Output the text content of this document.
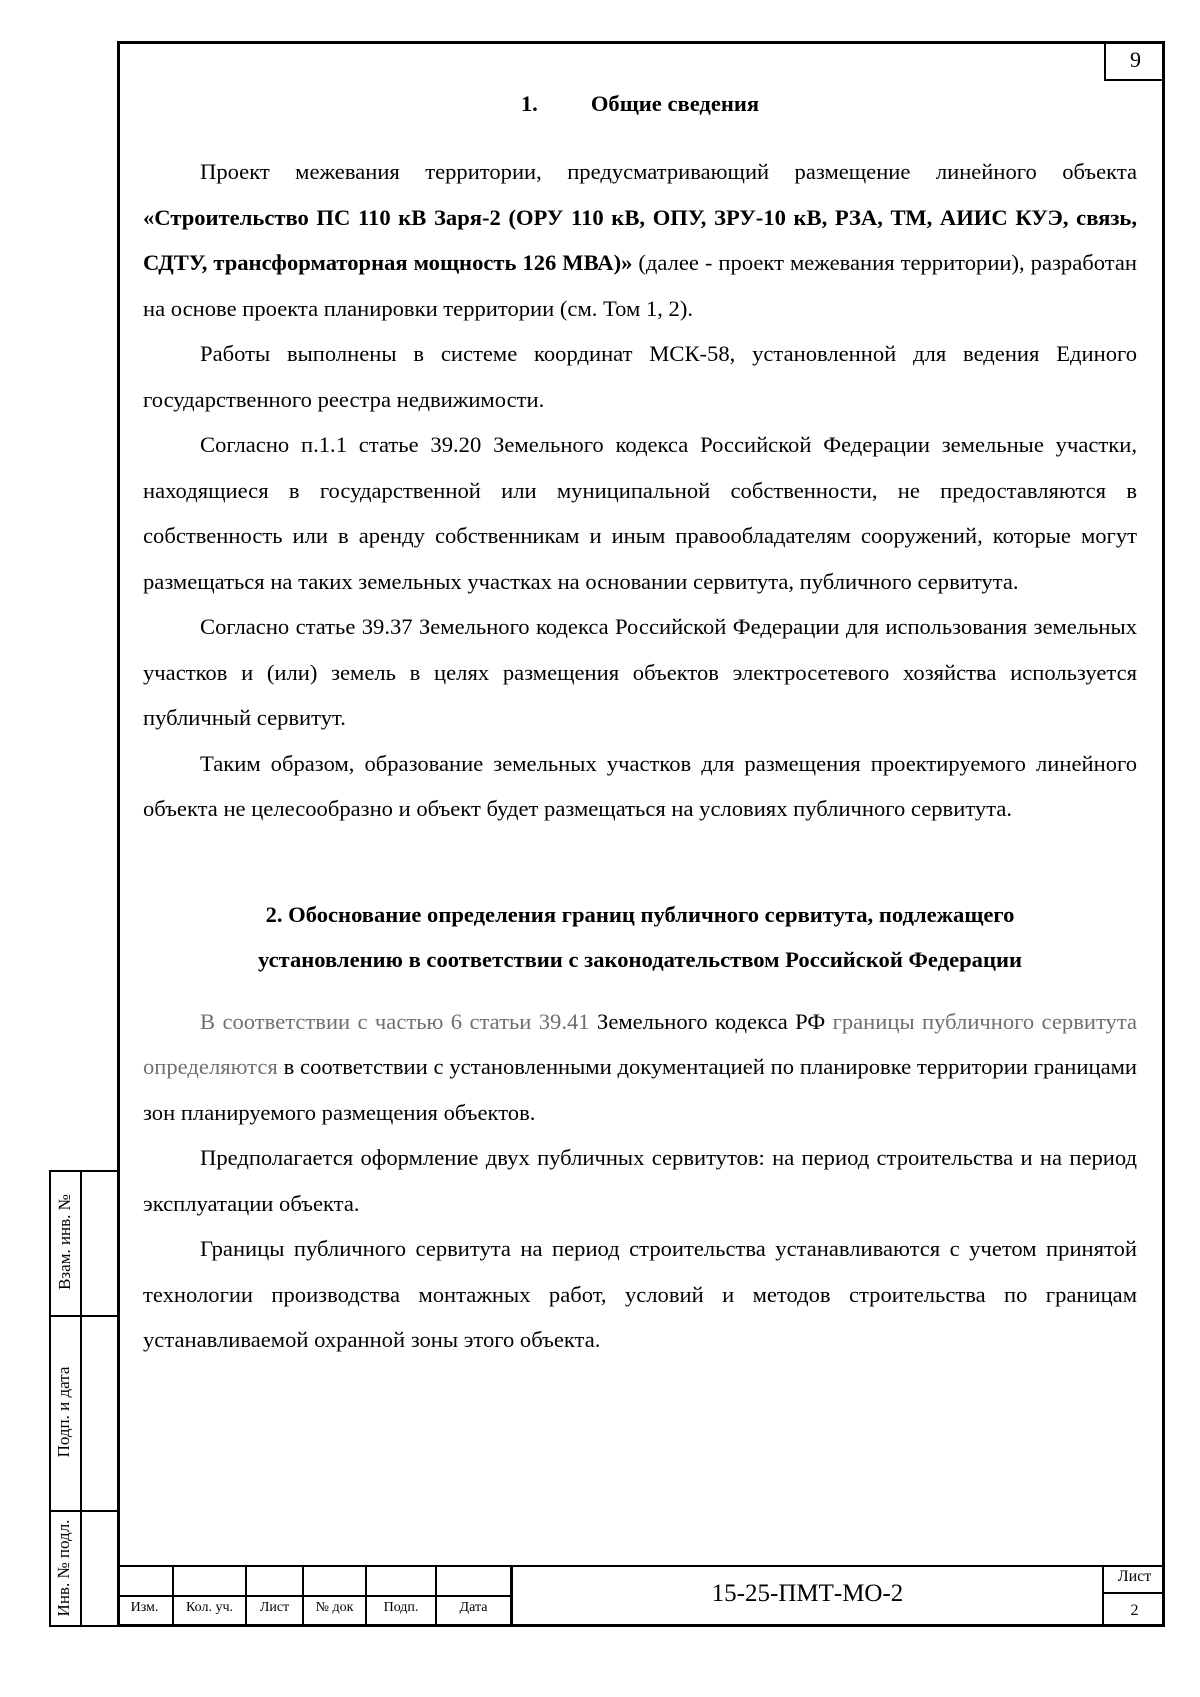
9
1. Общие сведения

Проект межевания территории, предусматривающий размещение линейного объекта «Строительство ПС 110 кВ Заря-2 (ОРУ 110 кВ, ОПУ, ЗРУ-10 кВ, РЗА, ТМ, АИИС КУЭ, связь, СДТУ, трансформаторная мощность 126 МВА)» (далее - проект межевания территории), разработан на основе проекта планировки территории (см. Том 1, 2).

Работы выполнены в системе координат МСК-58, установленной для ведения Единого государственного реестра недвижимости.

Согласно п.1.1 статье 39.20 Земельного кодекса Российской Федерации земельные участки, находящиеся в государственной или муниципальной собственности, не предоставляются в собственность или в аренду собственникам и иным правообладателям сооружений, которые могут размещаться на таких земельных участках на основании сервитута, публичного сервитута.

Согласно статье 39.37 Земельного кодекса Российской Федерации для использования земельных участков и (или) земель в целях размещения объектов электросетевого хозяйства используется публичный сервитут.

Таким образом, образование земельных участков для размещения проектируемого линейного объекта не целесообразно и объект будет размещаться на условиях публичного сервитута.

2. Обоснование определения границ публичного сервитута, подлежащего
установлению в соответствии с законодательством Российской Федерации

В соответствии с частью 6 статьи 39.41 Земельного кодекса РФ границы публичного сервитута определяются в соответствии с установленными документацией по планировке территории границами зон планируемого размещения объектов.

Предполагается оформление двух публичных сервитутов: на период строительства и на период эксплуатации объекта.

Границы публичного сервитута на период строительства устанавливаются с учетом принятой технологии производства монтажных работ, условий и методов строительства по границам устанавливаемой охранной зоны этого объекта.

Взам. инв. №
Подп. и дата
Инв. № подл.	Изм.	Кол. уч.	Лист	№ док	Подп.	Дата
15-25-ПМТ-МО-2
Лист
2
